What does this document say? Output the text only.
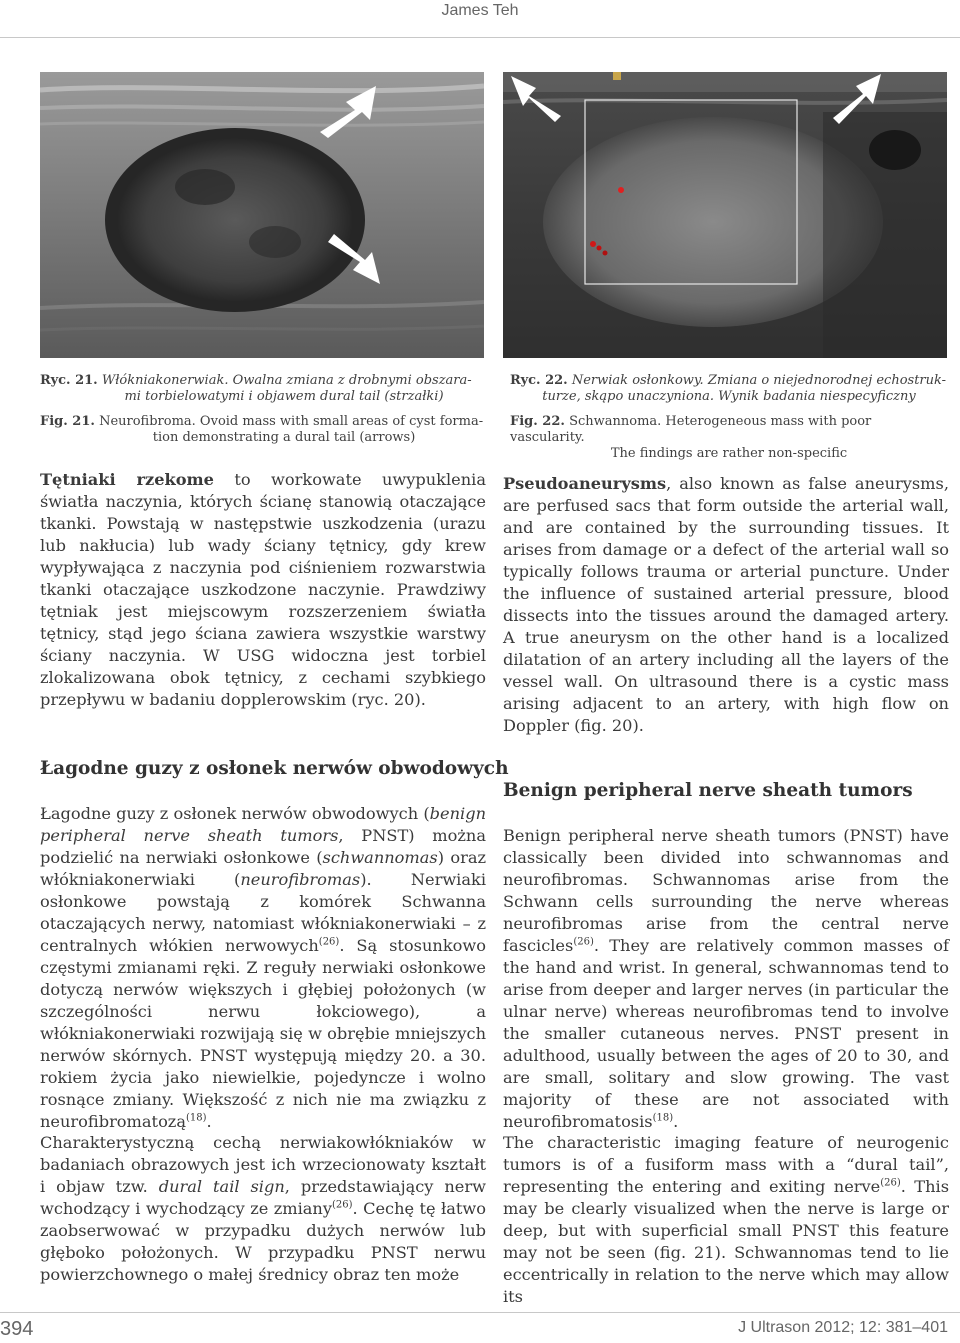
James Teh
Ryc. 21. Włókniakonerwiak. Owalna zmiana z drobnymi obszara-
mi torbielowatymi i objawem dural tail (strzałki)
Fig. 21. Neurofibroma. Ovoid mass with small areas of cyst forma-
tion demonstrating a dural tail (arrows)
Ryc. 22. Nerwiak osłonkowy. Zmiana o niejednorodnej echostruk-
turze, skąpo unaczyniona. Wynik badania niespecyficzny
Fig. 22. Schwannoma. Heterogeneous mass with poor vascularity.
The findings are rather non-specific

Tętniaki rzekome to workowate uwypuklenia światła naczynia, których ścianę stanowią otaczające tkanki. Powstają w następstwie uszkodzenia (urazu lub nakłucia) lub wady ściany tętnicy, gdy krew wypływająca z naczynia pod ciśnieniem rozwarstwia tkanki otaczające uszkodzone naczynie. Prawdziwy tętniak jest miejscowym rozszerzeniem światła tętnicy, stąd jego ściana zawiera wszystkie warstwy ściany naczynia. W USG widoczna jest torbiel zlokalizowana obok tętnicy, z cechami szybkiego przepływu w badaniu dopplerowskim (ryc. 20).

Łagodne guzy z osłonek nerwów obwodowych

Łagodne guzy z osłonek nerwów obwodowych (benign peripheral nerve sheath tumors, PNST) można podzielić na nerwiaki osłonkowe (schwannomas) oraz włókniakonerwiaki (neurofibromas). Nerwiaki osłonkowe powstają z komórek Schwanna otaczających nerwy, natomiast włókniakonerwiaki – z centralnych włókien nerwowych$^{(26)}$. Są stosunkowo częstymi zmianami ręki. Z reguły nerwiaki osłonkowe dotyczą nerwów większych i głębiej położonych (w szczególności nerwu łokciowego), a włókniakonerwiaki rozwijają się w obrębie mniejszych nerwów skórnych. PNST występują między 20. a 30. rokiem życia jako niewielkie, pojedyncze i wolno rosnące zmiany. Większość z nich nie ma związku z neurofibromatozą$^{(18)}$.

Charakterystyczną cechą nerwiakowłókniaków w badaniach obrazowych jest ich wrzecionowaty kształt i objaw tzw. dural tail sign, przedstawiający nerw wchodzący i wychodzący ze zmiany$^{(26)}$. Cechę tę łatwo zaobserwować w przypadku dużych nerwów lub głęboko położonych. W przypadku PNST nerwu powierzchownego o małej średnicy obraz ten może

Pseudoaneurysms, also known as false aneurysms, are perfused sacs that form outside the arterial wall, and are contained by the surrounding tissues. It arises from damage or a defect of the arterial wall so typically follows trauma or arterial puncture. Under the influence of sustained arterial pressure, blood dissects into the tissues around the damaged artery. A true aneurysm on the other hand is a localized dilatation of an artery including all the layers of the vessel wall. On ultrasound there is a cystic mass arising adjacent to an artery, with high flow on Doppler (fig. 20).

Benign peripheral nerve sheath tumors

Benign peripheral nerve sheath tumors (PNST) have classically been divided into schwannomas and neurofibromas. Schwannomas arise from the Schwann cells surrounding the nerve whereas neurofibromas arise from the central nerve fascicles$^{(26)}$. They are relatively common masses of the hand and wrist. In general, schwannomas tend to arise from deeper and larger nerves (in particular the ulnar nerve) whereas neurofibromas tend to involve the smaller cutaneous nerves. PNST present in adulthood, usually between the ages of 20 to 30, and are small, solitary and slow growing. The vast majority of these are not associated with neurofibromatosis$^{(18)}$.

The characteristic imaging feature of neurogenic tumors is of a fusiform mass with a “dural tail”, representing the entering and exiting nerve$^{(26)}$. This may be clearly visualized when the nerve is large or deep, but with superficial small PNST this feature may not be seen (fig. 21). Schwannomas tend to lie eccentrically in relation to the nerve which may allow its

394	J Ultrason 2012; 12: 381–401
